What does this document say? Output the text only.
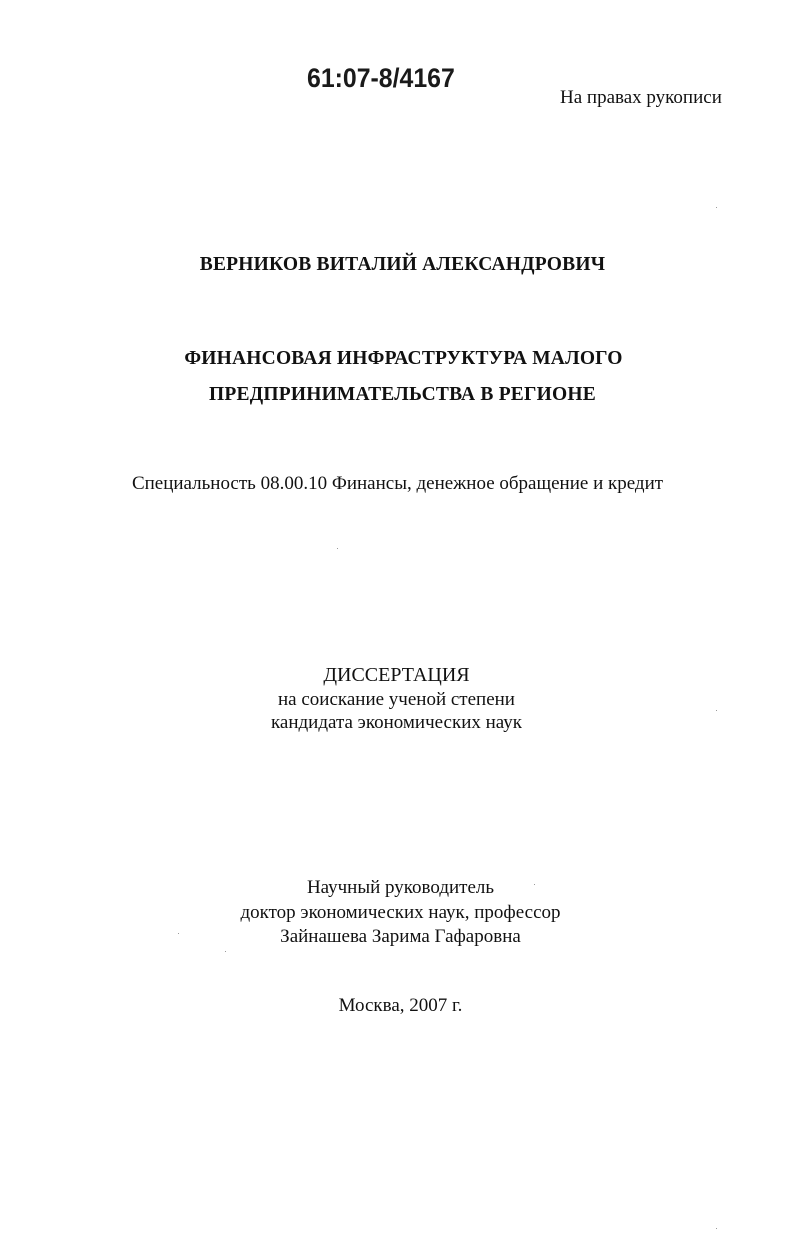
61:07-8/4167
На правах рукописи
ВЕРНИКОВ ВИТАЛИЙ АЛЕКСАНДРОВИЧ
ФИНАНСОВАЯ ИНФРАСТРУКТУРА МАЛОГО
ПРЕДПРИНИМАТЕЛЬСТВА В РЕГИОНЕ
Специальность 08.00.10 Финансы, денежное обращение и кредит
ДИССЕРТАЦИЯ
на соискание ученой степени
кандидата экономических наук
Научный руководитель
доктор экономических наук, профессор
Зайнашева Зарима Гафаровна
Москва, 2007 г.
